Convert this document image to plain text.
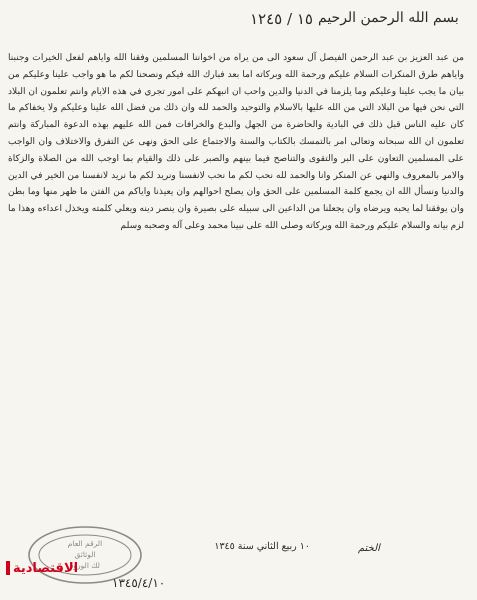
١٥ / ١٢٤٥ بسم الله الرحمن الرحيم
من عبد العزيز بن عبد الرحمن الفيصل آل سعود الى من يراه من اخواننا المسلمين وفقنا الله واياهم لفعل الخيرات وجنبنا واياهم طرق المنكرات السلام عليكم ورحمة الله وبركاته اما بعد فبارك الله فيكم ونصحنا لكم ما هو واجب علينا وعليكم من بيان ما يجب علينا وعليكم وما يلزمنا في الدنيا والدين واحب ان انبهكم على امور تجري في هذه الايام وانتم تعلمون ان البلاد التي نحن فيها من البلاد التي من الله عليها بالاسلام والتوحيد والحمد لله وان ذلك من فضل الله علينا وعليكم ولا يخفاكم ما كان عليه الناس قبل ذلك في البادية والحاضرة من الجهل والبدع والخرافات فمن الله عليهم بهذه الدعوة المباركة وانتم تعلمون ان الله سبحانه وتعالى امر بالتمسك بالكتاب والسنة والاجتماع على الحق ونهى عن التفرق والاختلاف وان الواجب على المسلمين التعاون على البر والتقوى والتناصح فيما بينهم والصبر على ذلك والقيام بما اوجب الله من الصلاة والزكاة والامر بالمعروف والنهي عن المنكر وانا والحمد لله نحب لكم ما نحب لانفسنا ونريد لكم ما نريد لانفسنا من الخير في الدين والدنيا ونسأل الله ان يجمع كلمة المسلمين على الحق وان يصلح احوالهم وان يعيذنا واياكم من الفتن ما ظهر منها وما بطن وان يوفقنا لما يحبه ويرضاه وان يجعلنا من الداعين الى سبيله على بصيرة وان ينصر دينه ويعلي كلمته ويخذل اعداءه وهذا ما لزم بيانه والسلام عليكم ورحمة الله وبركاته وصلى الله على نبينا محمد وعلى آله وصحبه وسلم
١٠ ربيع الثاني سنة ١٣٤٥	الختم
الرقم العام
الوثائق
لك الورود
١٣٤٥/٤/١٠
الاقتصادية
